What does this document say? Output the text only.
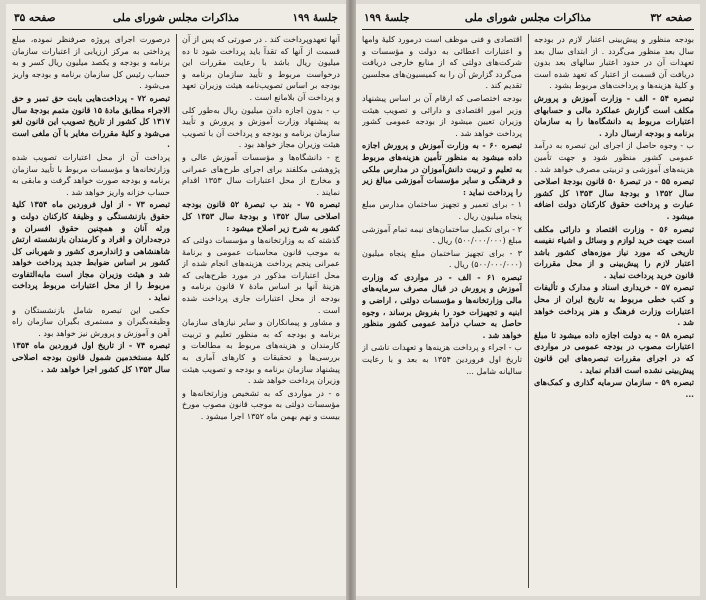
جلسهٔ ۱۹۹
مذاکرات مجلس شورای ملی
صفحه ۳۵

آنها تعهدوپرداخت کند . در صورتی که پس از آن قسمت از آنها که تقدآ باید پرداخت شود تا ده میلیون ریال باشد با رعایت مقررات این درخواست مربوط و تأیید سازمان برنامه و بودجه بر اساس تصویب‌نامه هیئت وزیران تعهد و پرداخت آن بلامانع است .

ب - بدون اجازه دادن میلیون ریال به‌طور کلی به پیشنهاد وزارت آموزش و پرورش و تأیید سازمان برنامه و بودجه و پرداخت آن با تصویب هیئت وزیران مجاز خواهد بود .

ج - دانشگاه‌ها و مؤسسات آموزش عالی و پژوهشی مکلفند برای اجرای طرح‌های عمرانی و مخارج از محل اعتبارات سال ۱۳۵۳ اقدام نمایند .

تبصره ۷۵ - بند ب تبصرهٔ ۵۲ قانون بودجه اصلاحی سال ۱۳۵۲ و بودجهٔ سال ۱۳۵۳ کل کشور به شرح زیر اصلاح میشود :

گذشته که به وزارتخانه‌ها و مؤسسات دولتی که به موجب قانون محاسبات عمومی و برنامهٔ عمرانی پنجم پرداخت هزینه‌های انجام شده از محل اعتبارات مذکور در مورد طرح‌هایی که هزینهٔ آنها بر اساس مادهٔ ۷ قانون برنامه و بودجه از محل اعتبارات جاری پرداخت شده است .

و مشاور و پیمانکاران و سایر نیازهای سازمان برنامه و بودجه که به منظور تعلیم و تربیت کارمندان و هزینه‌های مربوط به مطالعات و بررسی‌ها و تحقیقات و کارهای آماری به پیشنهاد سازمان برنامه و بودجه و تصویب هیئت وزیران پرداخت خواهد شد .

ه - در مواردی که به تشخیص وزارتخانه‌ها و مؤسسات دولتی به موجب قانون مصوب مورخ بیست و نهم بهمن ماه ۱۳۵۲ اجرا میشود .

درصورت اجرای پروژه صرفنظر نموده، مبلغ پرداختی به مرکز ارزیابی از اعتبارات سازمان برنامه و بودجه و یکصد میلیون ریال کسر و به حساب رئیس کل سازمان برنامه و بودجه واریز می‌شود .

تبصره ۷۲ - پرداخت‌هایی بابت حق تمبر و حق الاجراء مطابق مادهٔ ۱۵ قانون متمم بودجهٔ سال ۱۳۱۷ کل کشور از تاریخ تصویب این قانون لغو می‌شود و کلیهٔ مقررات مغایر با آن ملغی است .

پرداخت آن از محل اعتبارات تصویب شده وزارتخانه‌ها و مؤسسات مربوط با تأیید سازمان برنامه و بودجه صورت خواهد گرفت و مابقی به حساب خزانه واریز خواهد شد .

تبصره ۷۳ - از اول فروردین ماه ۱۳۵۴ کلیهٔ حقوق بازنشستگی و وظیفهٔ کارکنان دولت و ورثه آنان و همچنین حقوق افسران و درجه‌داران و افراد و کارمندان بازنشسته ارتش شاهنشاهی و ژاندارمری کشور و شهربانی کل کشور بر اساس ضوابط جدید پرداخت خواهد شد و هیئت وزیران مجاز است مابه‌التفاوت مربوط را از محل اعتبارات مربوط پرداخت نماید .

حکمی این تبصره شامل بازنشستگان و وظیفه‌بگیران و مستمری بگیران سازمان راه آهن و آموزش و پرورش نیز خواهد بود .

تبصره ۷۴ - از تاریخ اول فروردین ماه ۱۳۵۴ کلیهٔ مستخدمین شمول قانون بودجه اصلاحی سال ۱۳۵۳ کل کشور اجرا خواهد شد .

صفحه ۳۲
مذاکرات مجلس شورای ملی
جلسهٔ ۱۹۹

بودجه منظور و پیش‌بینی اعتبار لازم در بودجه سال بعد منظور می‌گردد . از ابتدای سال بعد تعهدات آن در حدود اعتبار سالهای بعد بدون دریافت آن قسمت از اعتبار که تعهد شده است و کلیهٔ هزینه‌ها و پرداخت‌های مربوط بشود .

تبصره ۵۴ - الف - وزارت آموزش و پرورش مکلف است گزارش عملکرد مالی و حسابهای اعتبارات مربوط به دانشگاه‌ها را به سازمان برنامه و بودجه ارسال دارد .

ب - وجوه حاصل از اجرای این تبصره به درآمد عمومی کشور منظور شود و جهت تأمین هزینه‌های آموزشی و تربیتی مصرف خواهد شد .

تبصره ۵۵ - در تبصرهٔ ۵۰ قانون بودجهٔ اصلاحی سال ۱۳۵۲ و بودجهٔ سال ۱۳۵۳ کل کشور عبارت و پرداخت حقوق کارکنان دولت اضافه میشود .

تبصره ۵۶ - وزارت اقتصاد و دارائی مکلف است جهت خرید لوازم و وسائل و اشیاء نفیسه تاریخی که مورد نیاز موزه‌های کشور باشد اعتبار لازم را پیش‌بینی و از محل مقررات قانون خرید پرداخت نماید .

تبصره ۵۷ - خریداری اسناد و مدارک و تألیفات و کتب خطی مربوط به تاریخ ایران از محل اعتبارات وزارت فرهنگ و هنر پرداخت خواهد شد .

تبصره ۵۸ - به دولت اجازه داده میشود تا مبلغ اعتبارات مصوب در بودجه عمومی در مواردی که در اجرای مقررات تبصره‌های این قانون پیش‌بینی نشده است اقدام نماید .

تبصره ۵۹ - سازمان سرمایه گذاری و کمک‌های ...

اقتصادی و فنی موظف است درمورد کلیهٔ وامها و اعتبارات اعطائی به دولت و مؤسسات و شرکت‌های دولتی که از منابع خارجی دریافت می‌گردد گزارش آن را به کمیسیون‌های مجلسین تقدیم کند .

بودجه اختصاصی که ارقام آن بر اساس پیشنهاد وزیر امور اقتصادی و دارائی و تصویب هیئت وزیران تعیین میشود از بودجه عمومی کشور پرداخت خواهد شد .

تبصره ۶۰ - به وزارت آموزش و پرورش اجازه داده میشود به منظور تأمین هزینه‌های مربوط به تعلیم و تربیت دانش‌آموزان در مدارس ملکی و فرهنگی و سایر مؤسسات آموزشی مبالغ زیر را پرداخت نماید :

۱ - برای تعمیر و تجهیز ساختمان مدارس مبلغ پنجاه میلیون ریال .

۲ - برای تکمیل ساختمان‌های نیمه تمام آموزشی مبلغ (۵۰۰/۰۰۰/۰۰۰) ریال .

۳ - برای تجهیز ساختمان مبلغ پنجاه میلیون (۵۰۰/۰۰۰/۰۰۰) ریال .

تبصره ۶۱ - الف - در مواردی که وزارت آموزش و پرورش در قبال مصرف سرمایه‌های مالی وزارتخانه‌ها و مؤسسات دولتی ، اراضی و ابنیه و تجهیزات خود را بفروش برساند ، وجوه حاصل به حساب درآمد عمومی کشور منظور خواهد شد .

ب - اجراء و پرداخت هزینه‌ها و تعهدات ناشی از تاریخ اول فروردین ۱۳۵۴ به بعد و با رعایت سالیانه شامل ...
